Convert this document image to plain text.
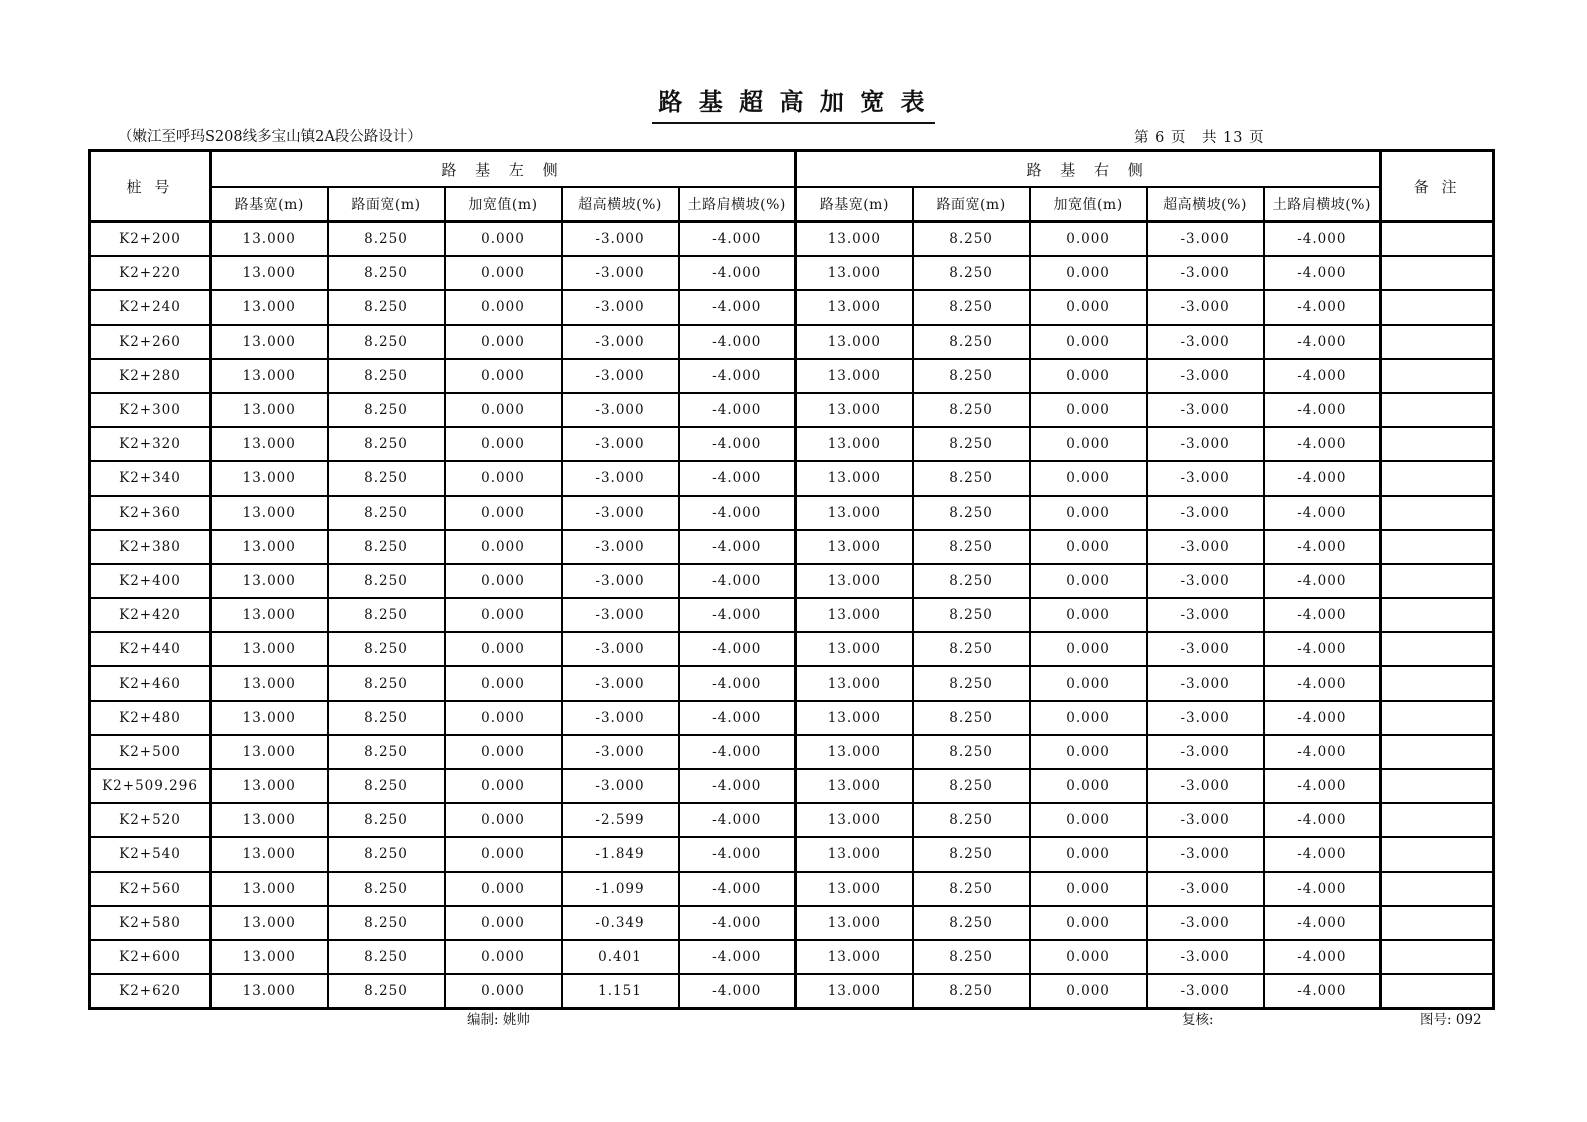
路 基 超 高 加 宽 表
（嫩江至呼玛S208线多宝山镇2A段公路设计）	第 6 页　共 13 页
桩 号	路 基 左 侧					路 基 右 侧					备 注
	路基宽(m)	路面宽(m)	加宽值(m)	超高横坡(%)	土路肩横坡(%)	路基宽(m)	路面宽(m)	加宽值(m)	超高横坡(%)	土路肩横坡(%)	
K2+200	13.000	8.250	0.000	-3.000	-4.000	13.000	8.250	0.000	-3.000	-4.000	
K2+220	13.000	8.250	0.000	-3.000	-4.000	13.000	8.250	0.000	-3.000	-4.000	
K2+240	13.000	8.250	0.000	-3.000	-4.000	13.000	8.250	0.000	-3.000	-4.000	
K2+260	13.000	8.250	0.000	-3.000	-4.000	13.000	8.250	0.000	-3.000	-4.000	
K2+280	13.000	8.250	0.000	-3.000	-4.000	13.000	8.250	0.000	-3.000	-4.000	
K2+300	13.000	8.250	0.000	-3.000	-4.000	13.000	8.250	0.000	-3.000	-4.000	
K2+320	13.000	8.250	0.000	-3.000	-4.000	13.000	8.250	0.000	-3.000	-4.000	
K2+340	13.000	8.250	0.000	-3.000	-4.000	13.000	8.250	0.000	-3.000	-4.000	
K2+360	13.000	8.250	0.000	-3.000	-4.000	13.000	8.250	0.000	-3.000	-4.000	
K2+380	13.000	8.250	0.000	-3.000	-4.000	13.000	8.250	0.000	-3.000	-4.000	
K2+400	13.000	8.250	0.000	-3.000	-4.000	13.000	8.250	0.000	-3.000	-4.000	
K2+420	13.000	8.250	0.000	-3.000	-4.000	13.000	8.250	0.000	-3.000	-4.000	
K2+440	13.000	8.250	0.000	-3.000	-4.000	13.000	8.250	0.000	-3.000	-4.000	
K2+460	13.000	8.250	0.000	-3.000	-4.000	13.000	8.250	0.000	-3.000	-4.000	
K2+480	13.000	8.250	0.000	-3.000	-4.000	13.000	8.250	0.000	-3.000	-4.000	
K2+500	13.000	8.250	0.000	-3.000	-4.000	13.000	8.250	0.000	-3.000	-4.000	
K2+509.296	13.000	8.250	0.000	-3.000	-4.000	13.000	8.250	0.000	-3.000	-4.000	
K2+520	13.000	8.250	0.000	-2.599	-4.000	13.000	8.250	0.000	-3.000	-4.000	
K2+540	13.000	8.250	0.000	-1.849	-4.000	13.000	8.250	0.000	-3.000	-4.000	
K2+560	13.000	8.250	0.000	-1.099	-4.000	13.000	8.250	0.000	-3.000	-4.000	
K2+580	13.000	8.250	0.000	-0.349	-4.000	13.000	8.250	0.000	-3.000	-4.000	
K2+600	13.000	8.250	0.000	0.401	-4.000	13.000	8.250	0.000	-3.000	-4.000	
K2+620	13.000	8.250	0.000	1.151	-4.000	13.000	8.250	0.000	-3.000	-4.000	
编制: 姚帅	复核:	图号: 092
